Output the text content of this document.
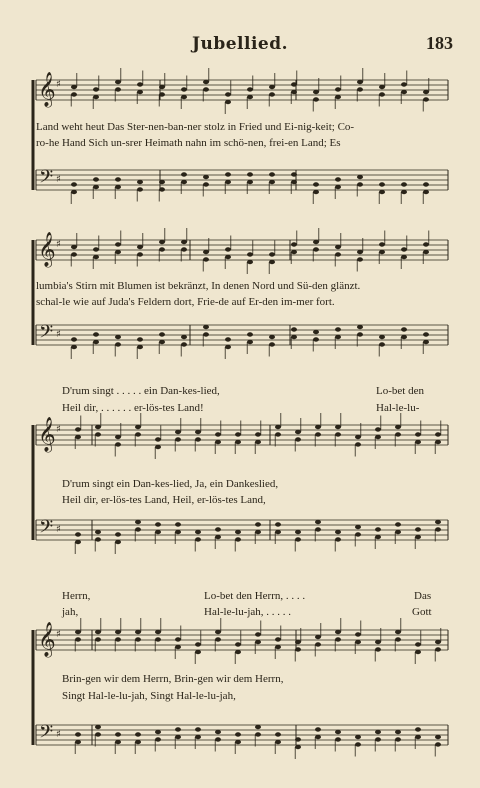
Jubellied.	183
𝄞
𝄢
♯
♯
𝄞
𝄢
♯
♯
𝄞
𝄢
♯
♯
𝄞
𝄢
♯
♯
Land weht heut Das Ster-nen-ban-ner stolz in Fried und Ei-nig-keit; Co-
ro-he Hand Sich un-srer Heimath nahn im schö-nen, frei-en Land; Es
lumbia's Stirn mit Blumen ist bekränzt, In denen Nord und Sü-den glänzt.
schal-le wie auf Juda's Feldern dort, Frie-de auf Er-den im-mer fort.
D'rum singt . . . . . ein Dan-kes-lied,	Lo-bet den
Heil dir, . . . . . . er-lös-tes Land!	Hal-le-lu-
D'rum singt ein Dan-kes-lied, Ja, ein Dankeslied,
Heil dir, er-lös-tes Land, Heil, er-lös-tes Land,
Herrn,	Lo-bet den Herrn, . . . .	Das
jah,	Hal-le-lu-jah, . . . . .	Gott
Brin-gen wir dem Herrn, Brin-gen wir dem Herrn,
Singt Hal-le-lu-jah, Singt Hal-le-lu-jah,
